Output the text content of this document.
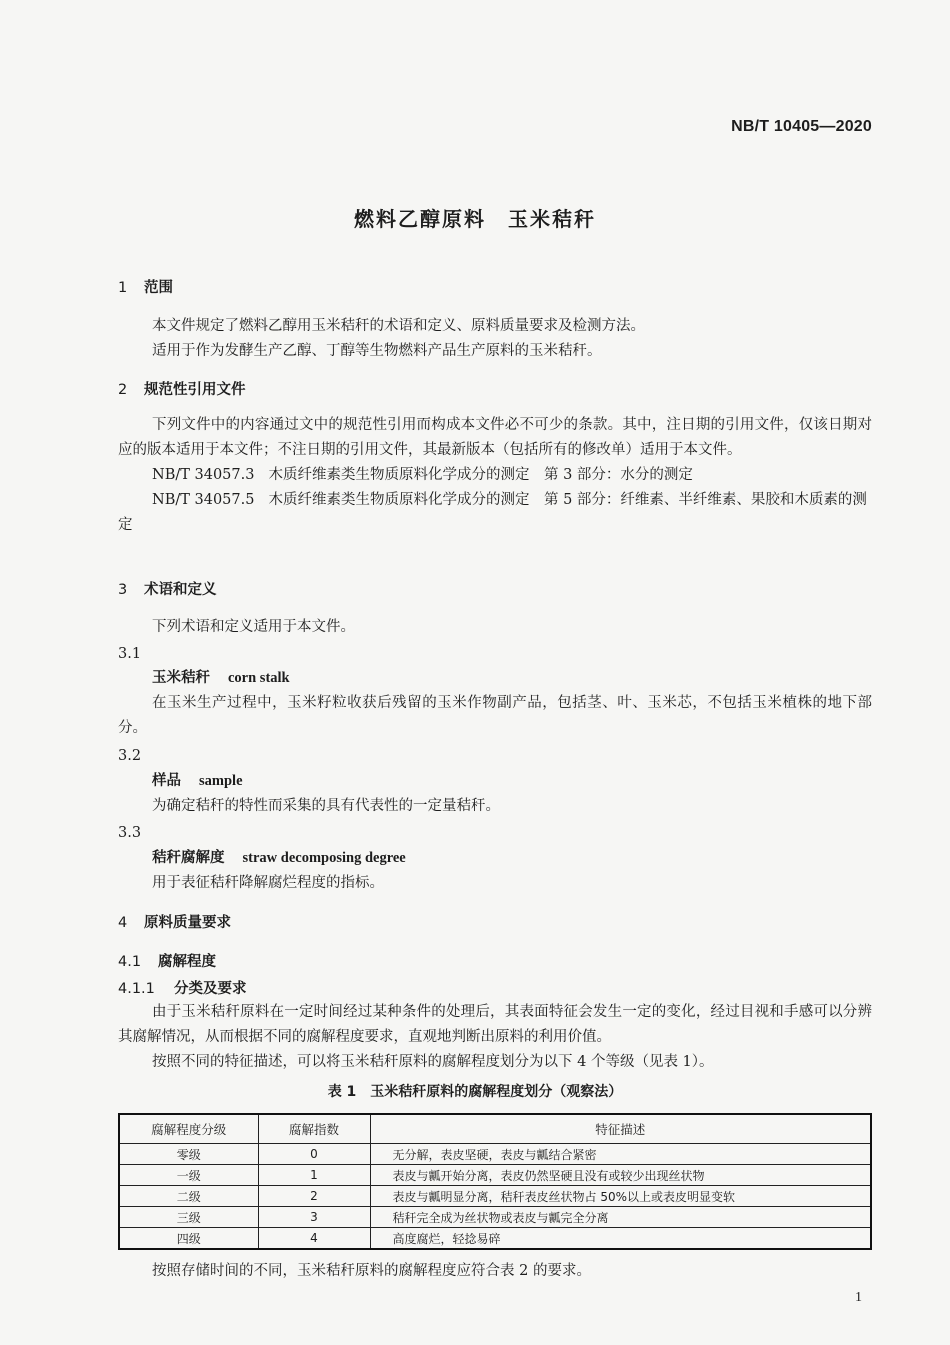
NB/T 10405—2020
燃料乙醇原料　玉米秸秆
1 范围

本文件规定了燃料乙醇用玉米秸秆的术语和定义、原料质量要求及检测方法。

适用于作为发酵生产乙醇、丁醇等生物燃料产品生产原料的玉米秸秆。

2 规范性引用文件

下列文件中的内容通过文中的规范性引用而构成本文件必不可少的条款。其中，注日期的引用文件，仅该日期对应的版本适用于本文件；不注日期的引用文件，其最新版本（包括所有的修改单）适用于本文件。

NB/T 34057.3 木质纤维素类生物质原料化学成分的测定　第 3 部分：水分的测定

NB/T 34057.5 木质纤维素类生物质原料化学成分的测定　第 5 部分：纤维素、半纤维素、果胶和木质素的测定

3 术语和定义

下列术语和定义适用于本文件。

3.1
玉米秸秆 corn stalk

在玉米生产过程中，玉米籽粒收获后残留的玉米作物副产品，包括茎、叶、玉米芯，不包括玉米植株的地下部分。

3.2
样品 sample

为确定秸秆的特性而采集的具有代表性的一定量秸秆。

3.3
秸秆腐解度 straw decomposing degree

用于表征秸秆降解腐烂程度的指标。

4 原料质量要求
4.1 腐解程度
4.1.1 分类及要求

由于玉米秸秆原料在一定时间经过某种条件的处理后，其表面特征会发生一定的变化，经过目视和手感可以分辨其腐解情况，从而根据不同的腐解程度要求，直观地判断出原料的利用价值。

按照不同的特征描述，可以将玉米秸秆原料的腐解程度划分为以下 4 个等级（见表 1）。

表 1　玉米秸秆原料的腐解程度划分（观察法）
腐解程度分级	腐解指数	特征描述
零级	0	无分解，表皮坚硬，表皮与瓤结合紧密
一级	1	表皮与瓤开始分离，表皮仍然坚硬且没有或较少出现丝状物
二级	2	表皮与瓤明显分离，秸秆表皮丝状物占 50%以上或表皮明显变软
三级	3	秸秆完全成为丝状物或表皮与瓤完全分离
四级	4	高度腐烂，轻捻易碎

按照存储时间的不同，玉米秸秆原料的腐解程度应符合表 2 的要求。

1
